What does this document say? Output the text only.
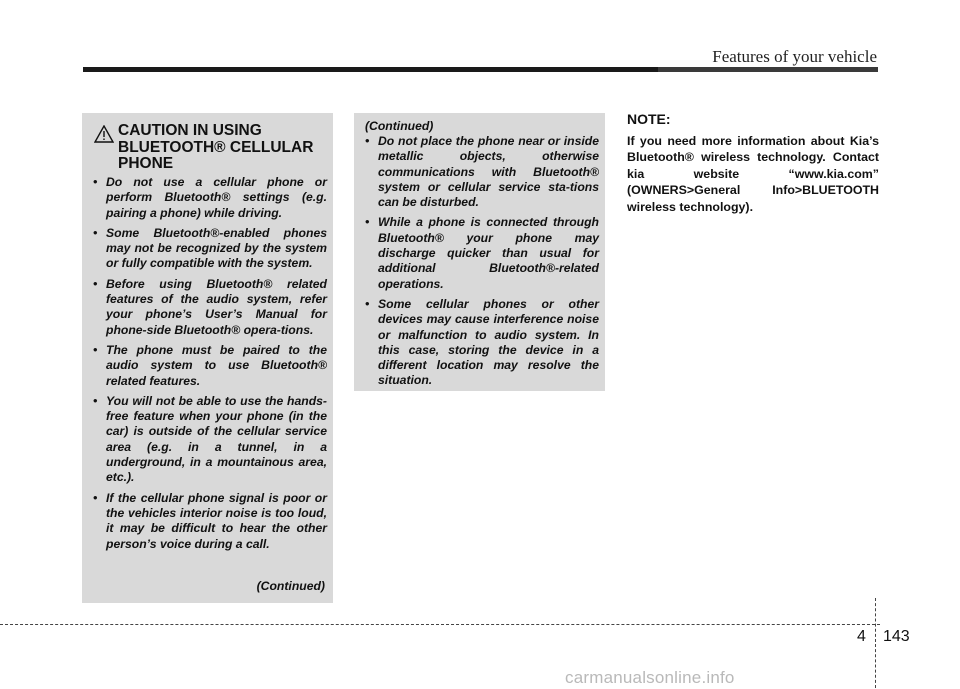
Features of your vehicle
CAUTION IN USING BLUETOOTH® CELLULAR PHONE
• Do not use a cellular phone or perform Bluetooth® settings (e.g. pairing a phone) while driving.
• Some Bluetooth®-enabled phones may not be recognized by the system or fully compatible with the system.
• Before using Bluetooth® related features of the audio system, refer your phone’s User’s Manual for phone-side Bluetooth® opera-tions.
• The phone must be paired to the audio system to use Bluetooth® related features.
• You will not be able to use the hands-free feature when your phone (in the car) is outside of the cellular service area (e.g. in a tunnel, in a underground, in a mountainous area, etc.).
• If the cellular phone signal is poor or the vehicles interior noise is too loud, it may be difficult to hear the other person’s voice during a call.
(Continued)
(Continued)
• Do not place the phone near or inside metallic objects, otherwise communications with Bluetooth® system or cellular service sta-tions can be disturbed.
• While a phone is connected through Bluetooth® your phone may discharge quicker than usual for additional Bluetooth®-related operations.
• Some cellular phones or other devices may cause interference noise or malfunction to audio system. In this case, storing the device in a different location may resolve the situation.
NOTE:
If you need more information about Kia’s Bluetooth® wireless technology. Contact kia website “www.kia.com” (OWNERS>General Info>BLUETOOTH wireless technology).
4 143
carmanualsonline.info
